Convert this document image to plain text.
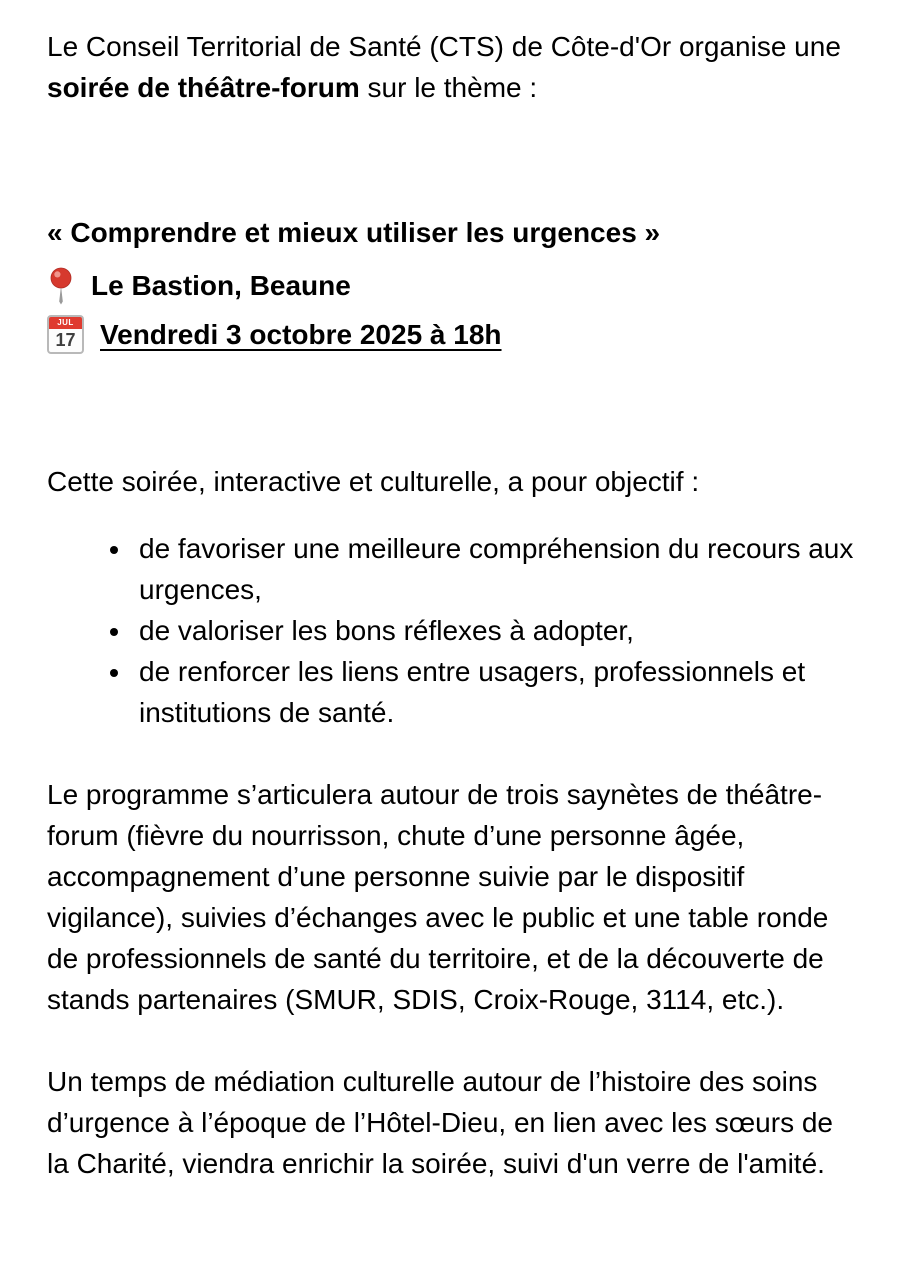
Le Conseil Territorial de Santé (CTS) de Côte-d'Or organise une soirée de théâtre-forum sur le thème :

« Comprendre et mieux utiliser les urgences »

Le Bastion, Beaune

JUL
17 Vendredi 3 octobre 2025 à 18h

Cette soirée, interactive et culturelle, a pour objectif :

• de favoriser une meilleure compréhension du recours aux urgences,
• de valoriser les bons réflexes à adopter,
• de renforcer les liens entre usagers, professionnels et institutions de santé.

Le programme s’articulera autour de trois saynètes de théâtre-forum (fièvre du nourrisson, chute d’une personne âgée, accompagnement d’une personne suivie par le dispositif vigilance), suivies d’échanges avec le public et une table ronde de professionnels de santé du territoire, et de la découverte de stands partenaires (SMUR, SDIS, Croix-Rouge, 3114, etc.).

Un temps de médiation culturelle autour de l’histoire des soins d’urgence à l’époque de l’Hôtel-Dieu, en lien avec les sœurs de la Charité, viendra enrichir la soirée, suivi d'un verre de l'amité.
